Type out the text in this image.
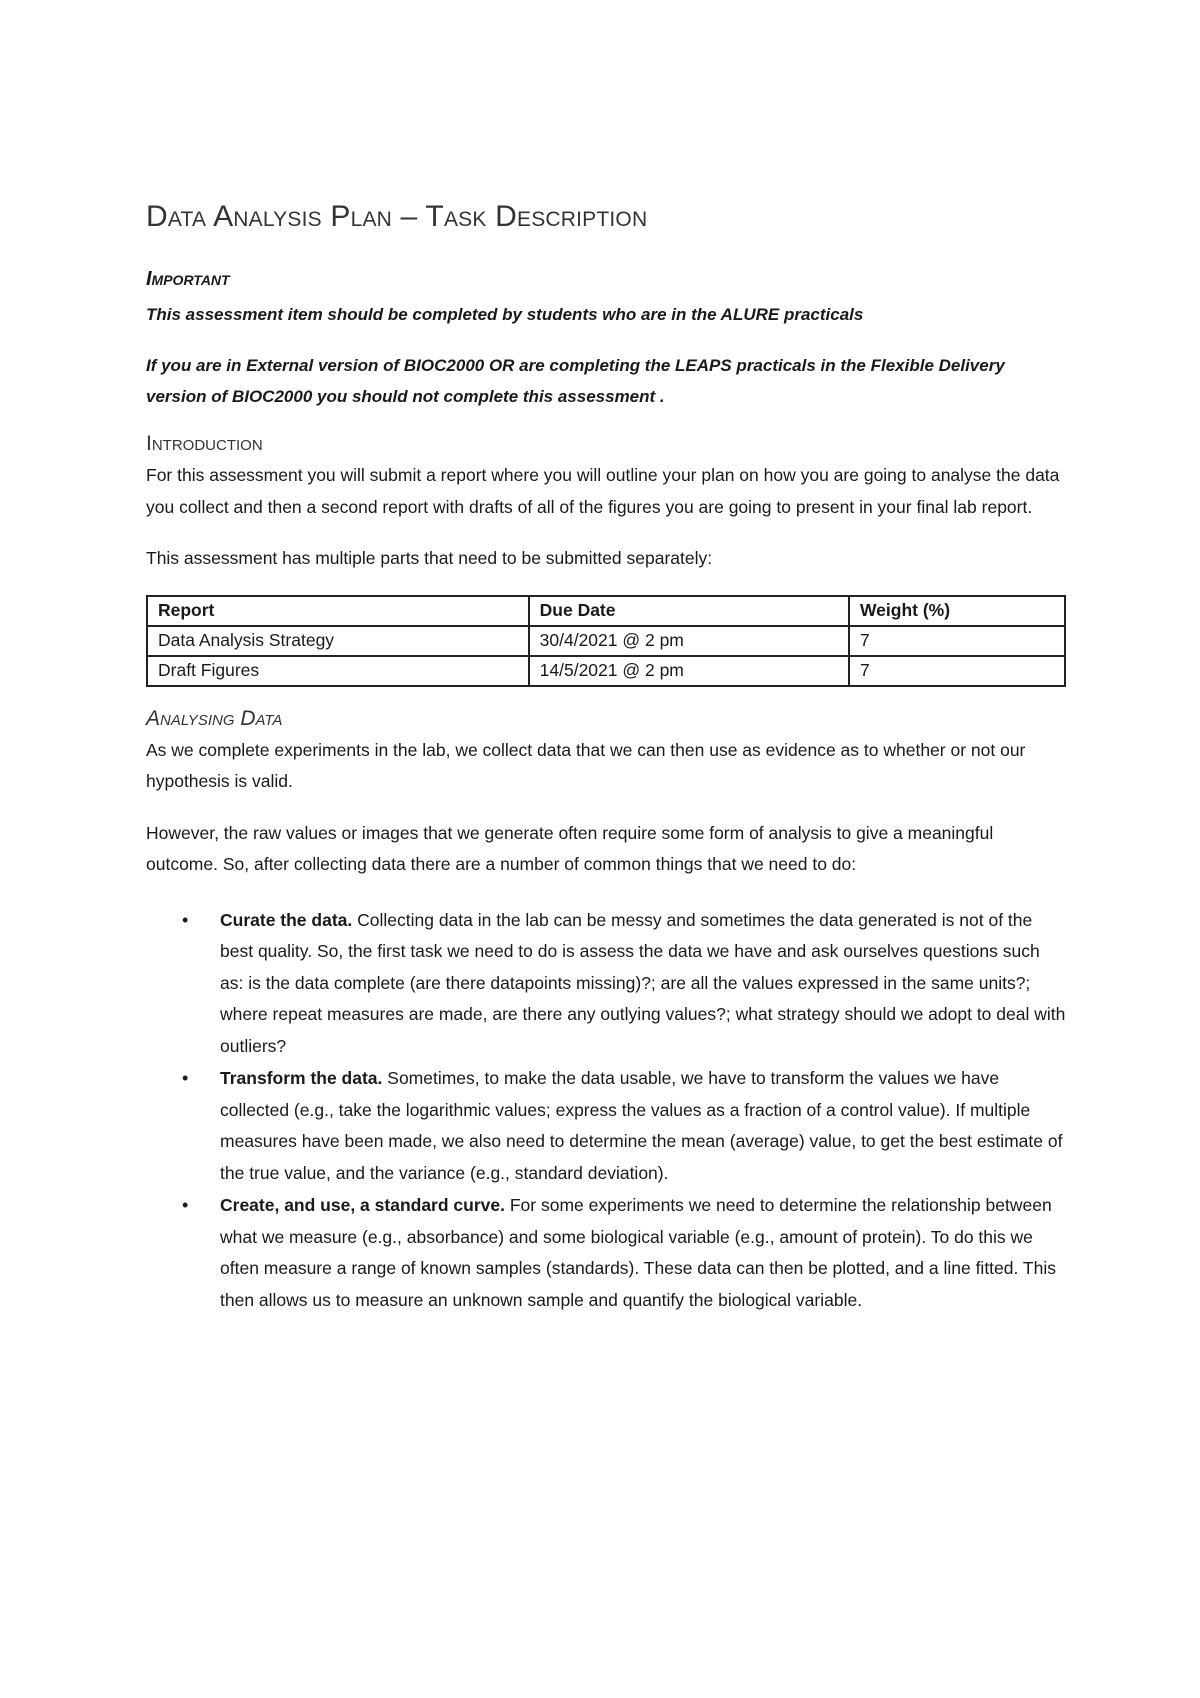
Data Analysis Plan – Task Description
Important
This assessment item should be completed by students who are in the ALURE practicals
If you are in External version of BIOC2000 OR are completing the LEAPS practicals in the Flexible Delivery version of BIOC2000 you should not complete this assessment .
Introduction

For this assessment you will submit a report where you will outline your plan on how you are going to analyse the data you collect and then a second report with drafts of all of the figures you are going to present in your final lab report.

This assessment has multiple parts that need to be submitted separately:

Report	Due Date	Weight (%)
Data Analysis Strategy	30/4/2021 @ 2 pm	7
Draft Figures	14/5/2021 @ 2 pm	7
Analysing Data

As we complete experiments in the lab, we collect data that we can then use as evidence as to whether or not our hypothesis is valid.

However, the raw values or images that we generate often require some form of analysis to give a meaningful outcome. So, after collecting data there are a number of common things that we need to do:

• Curate the data. Collecting data in the lab can be messy and sometimes the data generated is not of the best quality. So, the first task we need to do is assess the data we have and ask ourselves questions such as: is the data complete (are there datapoints missing)?; are all the values expressed in the same units?; where repeat measures are made, are there any outlying values?; what strategy should we adopt to deal with outliers?
• Transform the data. Sometimes, to make the data usable, we have to transform the values we have collected (e.g., take the logarithmic values; express the values as a fraction of a control value). If multiple measures have been made, we also need to determine the mean (average) value, to get the best estimate of the true value, and the variance (e.g., standard deviation).
• Create, and use, a standard curve. For some experiments we need to determine the relationship between what we measure (e.g., absorbance) and some biological variable (e.g., amount of protein). To do this we often measure a range of known samples (standards). These data can then be plotted, and a line fitted. This then allows us to measure an unknown sample and quantify the biological variable.
